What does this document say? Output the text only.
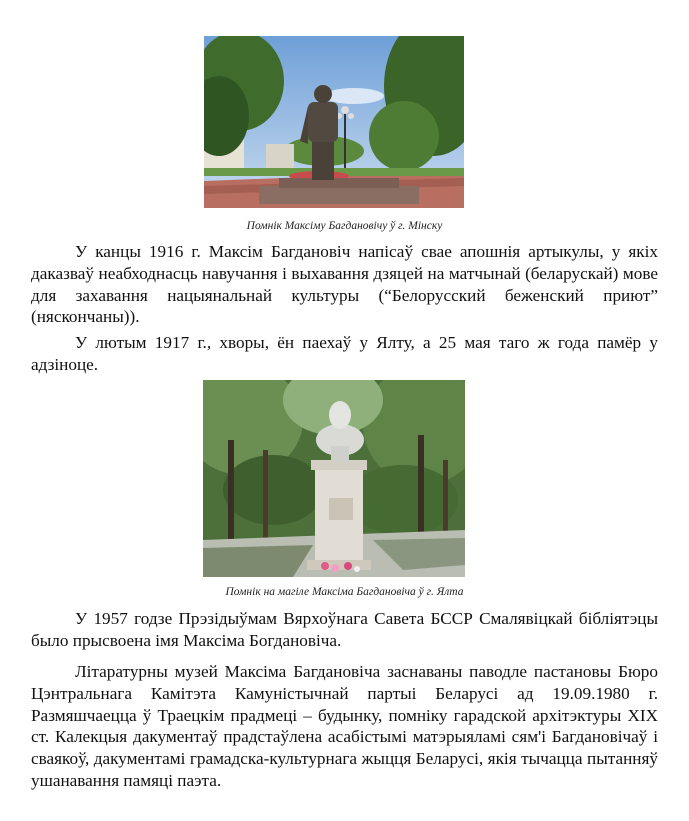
Помнік Максіму Багдановічу ў г. Мінску

У канцы 1916 г. Максім Багдановіч напісаў свае апошнія артыкулы, у якіх даказваў неабходнасць навучання і выхавання дзяцей на матчынай (беларускай) мове для захавання нацыянальнай культуры (“Белорусский беженский приют” (няскончаны)).

У лютым 1917 г., хворы, ён паехаў у Ялту, а 25 мая таго ж года памёр у адзіноце.

Помнік на магіле Максіма Багдановіча ў г. Ялта

У 1957 годзе Прэзідыўмам Вярхоўнага Савета БССР Смалявіцкай бібліятэцы было прысвоена імя Максіма Богдановіча.

Літаратурны музей Максіма Багдановіча заснаваны паводле пастановы Бюро Цэнтральнага Камітэта Камуністычнай партыі Беларусі ад 19.09.1980 г. Размяшчаецца ў Траецкім прадмеці – будынку, помніку гарадской архітэктуры XIX ст. Калекцыя дакументаў прадстаўлена асабістымі матэрыяламі сям'і Багдановічаў і сваякоў, дакументамі грамадска-культурнага жыцця Беларусі, якія тычацца пытанняў ушанавання памяці паэта.
